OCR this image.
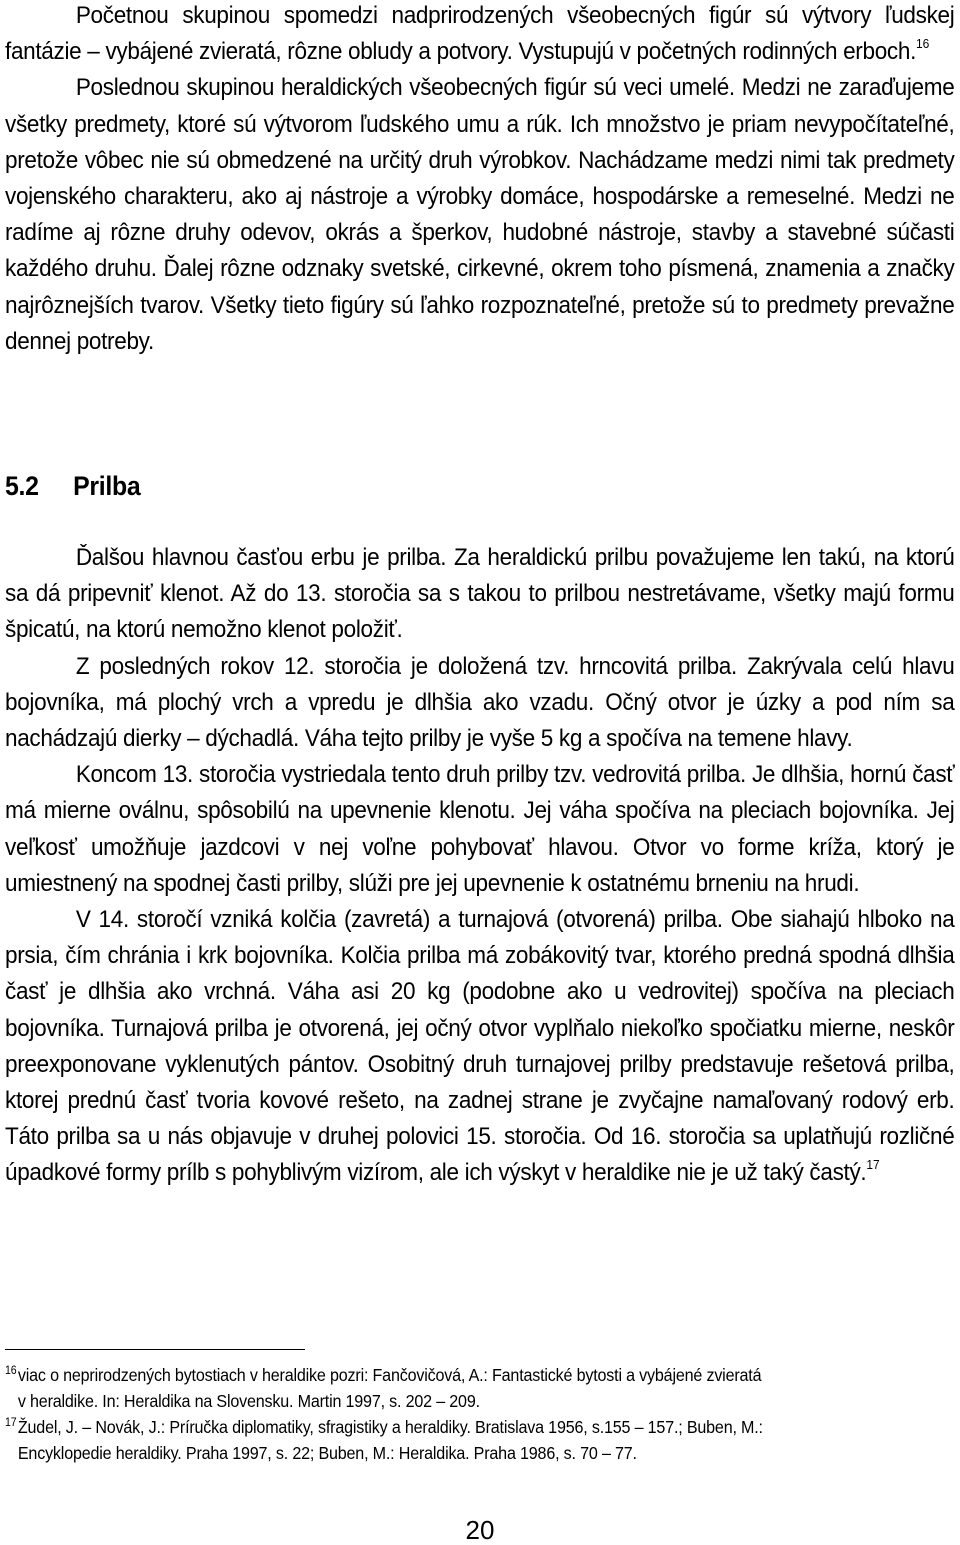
Početnou skupinou spomedzi nadprirodzených všeobecných figúr sú výtvory ľudskej fantázie – vybájené zvieratá, rôzne obludy a potvory. Vystupujú v početných rodinných erboch.$^{16}$

Poslednou skupinou heraldických všeobecných figúr sú veci umelé. Medzi ne zaraďujeme všetky predmety, ktoré sú výtvorom ľudského umu a rúk. Ich množstvo je priam nevypočítateľné, pretože vôbec nie sú obmedzené na určitý druh výrobkov. Nachádzame medzi nimi tak predmety vojenského charakteru, ako aj nástroje a výrobky domáce, hospodárske a remeselné. Medzi ne radíme aj rôzne druhy odevov, okrás a šperkov, hudobné nástroje, stavby a stavebné súčasti každého druhu. Ďalej rôzne odznaky svetské, cirkevné, okrem toho písmená, znamenia a značky najrôznejších tvarov. Všetky tieto figúry sú ľahko rozpoznateľné, pretože sú to predmety prevažne dennej potreby.

5.2 Prilba

Ďalšou hlavnou časťou erbu je prilba. Za heraldickú prilbu považujeme len takú, na ktorú sa dá pripevniť klenot. Až do 13. storočia sa s takou to prilbou nestretávame, všetky majú formu špicatú, na ktorú nemožno klenot položiť.

Z posledných rokov 12. storočia je doložená tzv. hrncovitá prilba. Zakrývala celú hlavu bojovníka, má plochý vrch a vpredu je dlhšia ako vzadu. Očný otvor je úzky a pod ním sa nachádzajú dierky – dýchadlá. Váha tejto prilby je vyše 5 kg a spočíva na temene hlavy.

Koncom 13. storočia vystriedala tento druh prilby tzv. vedrovitá prilba. Je dlhšia, hornú časť má mierne oválnu, spôsobilú na upevnenie klenotu. Jej váha spočíva na pleciach bojovníka. Jej veľkosť umožňuje jazdcovi v nej voľne pohybovať hlavou. Otvor vo forme kríža, ktorý je umiestnený na spodnej časti prilby, slúži pre jej upevnenie k ostatnému brneniu na hrudi.

V 14. storočí vzniká kolčia (zavretá) a turnajová (otvorená) prilba. Obe siahajú hlboko na prsia, čím chránia i krk bojovníka. Kolčia prilba má zobákovitý tvar, ktorého predná spodná dlhšia časť je dlhšia ako vrchná. Váha asi 20 kg (podobne ako u vedrovitej) spočíva na pleciach bojovníka. Turnajová prilba je otvorená, jej očný otvor vyplňalo niekoľko spočiatku mierne, neskôr preexponovane vyklenutých pántov. Osobitný druh turnajovej prilby predstavuje rešetová prilba, ktorej prednú časť tvoria kovové rešeto, na zadnej strane je zvyčajne namaľovaný rodový erb. Táto prilba sa u nás objavuje v druhej polovici 15. storočia. Od 16. storočia sa uplatňujú rozličné úpadkové formy prílb s pohyblivým vizírom, ale ich výskyt v heraldike nie je už taký častý.$^{17}$

16viac o neprirodzených bytostiach v heraldike pozri: Fančovičová, A.: Fantastické bytosti a vybájené zvieratá

v heraldike. In: Heraldika na Slovensku. Martin 1997, s. 202 – 209.

17Žudel, J. – Novák, J.: Príručka diplomatiky, sfragistiky a heraldiky. Bratislava 1956, s.155 – 157.; Buben, M.:

Encyklopedie heraldiky. Praha 1997, s. 22; Buben, M.: Heraldika. Praha 1986, s. 70 – 77.

20
